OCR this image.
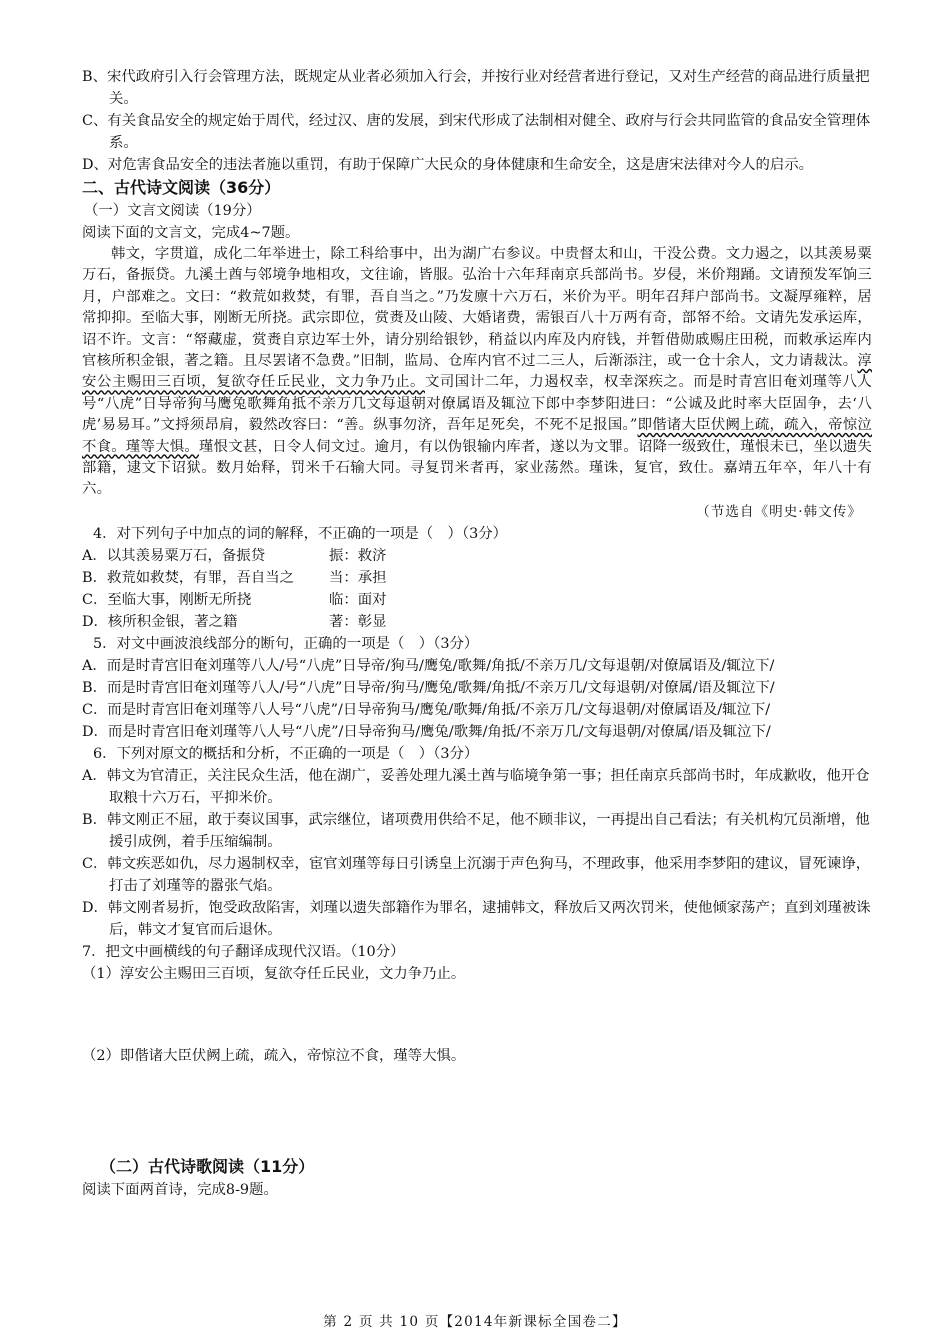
B、宋代政府引入行会管理方法，既规定从业者必须加入行会，并按行业对经营者进行登记，又对生产经营的商品进行质量把关。
C、有关食品安全的规定始于周代，经过汉、唐的发展，到宋代形成了法制相对健全、政府与行会共同监管的食品安全管理体系。
D、对危害食品安全的违法者施以重罚，有助于保障广大民众的身体健康和生命安全，这是唐宋法律对今人的启示。
二、古代诗文阅读（36分）
（一）文言文阅读（19分）
阅读下面的文言文，完成4~7题。
韩文，字贯道，成化二年举进士，除工科给事中，出为湖广右参议。中贵督太和山，干没公费。文力遏之，以其羡易粟万石，备振贷。九溪土酋与邻境争地相攻，文往谕，皆服。弘治十六年拜南京兵部尚书。岁侵，米价翔踊。文请预发军饷三月，户部难之。文曰：“救荒如救焚，有罪，吾自当之。”乃发廪十六万石，米价为平。明年召拜户部尚书。文凝厚雍粹，居常抑抑。至临大事，刚断无所挠。武宗即位，赏赉及山陵、大婚诸费，需银百八十万两有奇，部帑不给。文请先发承运库，诏不许。文言：“帑藏虚，赏赉自京边军士外，请分别给银钞，稍益以内库及内府钱，并暂借勋戚赐庄田税，而敕承运库内官核所积金银，著之籍。且尽罢诸不急费。”旧制，监局、仓库内官不过二三人，后渐添注，或一仓十余人，文力请裁汰。淳安公主赐田三百顷，复欲夺任丘民业，文力争乃止。文司国计二年，力遏权幸，权幸深疾之。而是时青宫旧奄刘瑾等八人号“八虎”日导帝狗马鹰兔歌舞角抵不亲万几文每退朝对僚属语及辄泣下郎中李梦阳进曰：“公诚及此时率大臣固争，去‘八虎’易易耳。”文捋须昂肩，毅然改容曰：“善。纵事勿济，吾年足死矣，不死不足报国。”即偕诸大臣伏阙上疏，疏入，帝惊泣不食。瑾等大惧。瑾恨文甚，日令人伺文过。逾月，有以伪银输内库者，遂以为文罪。诏降一级致仕，瑾恨未已，坐以遗失部籍，逮文下诏狱。数月始释，罚米千石输大同。寻复罚米者再，家业荡然。瑾诛，复官，致仕。嘉靖五年卒，年八十有六。
（节选自《明史·韩文传》
4．对下列句子中加点的词的解释，不正确的一项是（　）（3分）
A．以其羡易粟万石，备振贷	振：救济
B．救荒如救焚，有罪，吾自当之 当：承担
C．至临大事，刚断无所挠	临：面对
D．核所积金银，著之籍	著：彰显
5．对文中画波浪线部分的断句，正确的一项是（　）（3分）
A．而是时青宫旧奄刘瑾等八人/号“八虎”日导帝/狗马/鹰兔/歌舞/角抵/不亲万几/文每退朝/对僚属语及/辄泣下/
B．而是时青宫旧奄刘瑾等八人/号“八虎”日导帝/狗马/鹰兔/歌舞/角抵/不亲万几/文每退朝/对僚属/语及辄泣下/
C．而是时青宫旧奄刘瑾等八人号“八虎”/日导帝狗马/鹰兔/歌舞/角抵/不亲万几/文每退朝/对僚属语及/辄泣下/
D．而是时青宫旧奄刘瑾等八人号“八虎”/日导帝狗马/鹰兔/歌舞/角抵/不亲万几/文每退朝/对僚属/语及辄泣下/
6．下列对原文的概括和分析，不正确的一项是（　）（3分）
A．韩文为官清正，关注民众生活，他在湖广，妥善处理九溪土酋与临境争第一事；担任南京兵部尚书时，年成歉收，他开仓取粮十六万石，平抑米价。
B．韩文刚正不屈，敢于奏议国事，武宗继位，诸项费用供给不足，他不顾非议，一再提出自己看法；有关机构冗员渐增，他援引成例，着手压缩编制。
C．韩文疾恶如仇，尽力遏制权幸，宦官刘瑾等每日引诱皇上沉溺于声色狗马，不理政事，他采用李梦阳的建议，冒死谏诤，打击了刘瑾等的嚣张气焰。
D．韩文刚者易折，饱受政敌陷害，刘瑾以遗失部籍作为罪名，逮捕韩文，释放后又两次罚米，使他倾家荡产；直到刘瑾被诛后，韩文才复官而后退休。
7．把文中画横线的句子翻译成现代汉语。（10分）
（1）淳安公主赐田三百顷，复欲夺任丘民业，文力争乃止。
（2）即偕诸大臣伏阙上疏，疏入，帝惊泣不食，瑾等大惧。
（二）古代诗歌阅读（11分）
阅读下面两首诗，完成8-9题。
第 2 页 共 10 页【2014年新课标全国卷二】
